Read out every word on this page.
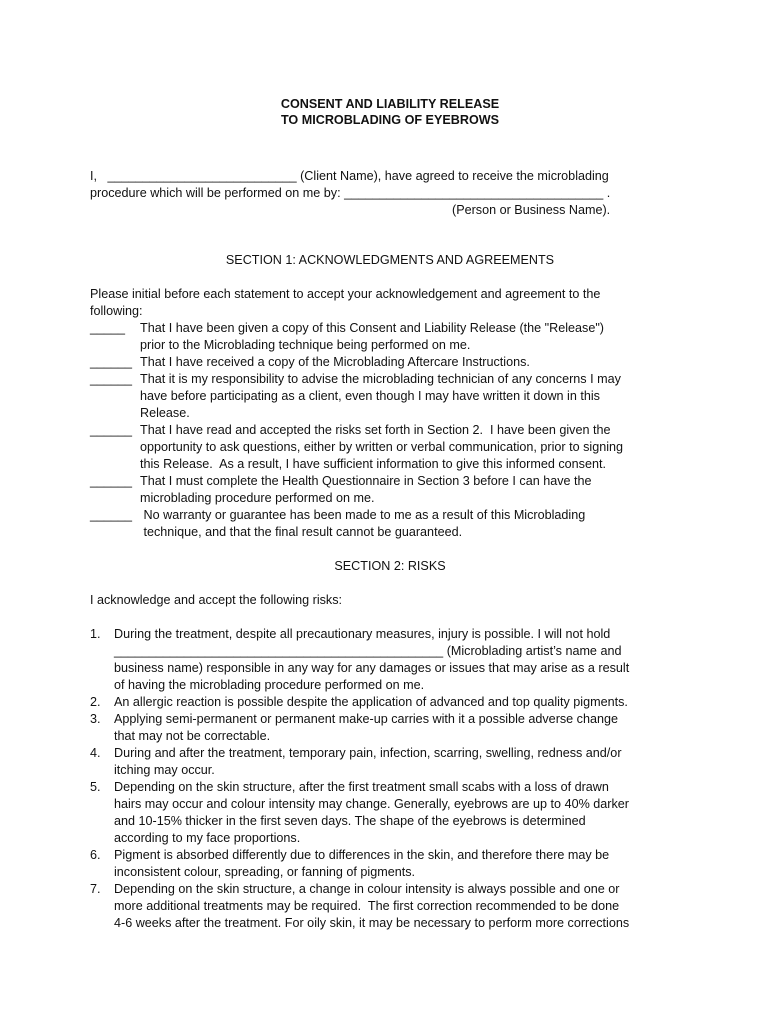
CONSENT AND LIABILITY RELEASE
TO MICROBLADING OF EYEBROWS
I,   ___________________________ (Client Name), have agreed to receive the microblading
procedure which will be performed on me by: _____________________________________ .
(Person or Business Name).
SECTION 1: ACKNOWLEDGMENTS AND AGREEMENTS
Please initial before each statement to accept your acknowledgement and agreement to the
following:
_____ That I have been given a copy of this Consent and Liability Release (the "Release")
prior to the Microblading technique being performed on me.
______ That I have received a copy of the Microblading Aftercare Instructions.
______ That it is my responsibility to advise the microblading technician of any concerns I may
have before participating as a client, even though I may have written it down in this
Release.
______ That I have read and accepted the risks set forth in Section 2.  I have been given the
opportunity to ask questions, either by written or verbal communication, prior to signing
this Release.  As a result, I have sufficient information to give this informed consent.
______ That I must complete the Health Questionnaire in Section 3 before I can have the
microblading procedure performed on me.
______ No warranty or guarantee has been made to me as a result of this Microblading
technique, and that the final result cannot be guaranteed.
SECTION 2: RISKS
I acknowledge and accept the following risks:
1. During the treatment, despite all precautionary measures, injury is possible. I will not hold
_______________________________________________ (Microblading artist’s name and
business name) responsible in any way for any damages or issues that may arise as a result
of having the microblading procedure performed on me.
2. An allergic reaction is possible despite the application of advanced and top quality pigments.
3. Applying semi-permanent or permanent make-up carries with it a possible adverse change
that may not be correctable.
4. During and after the treatment, temporary pain, infection, scarring, swelling, redness and/or
itching may occur.
5. Depending on the skin structure, after the first treatment small scabs with a loss of drawn
hairs may occur and colour intensity may change. Generally, eyebrows are up to 40% darker
and 10-15% thicker in the first seven days. The shape of the eyebrows is determined
according to my face proportions.
6. Pigment is absorbed differently due to differences in the skin, and therefore there may be
inconsistent colour, spreading, or fanning of pigments.
7. Depending on the skin structure, a change in colour intensity is always possible and one or
more additional treatments may be required.  The first correction recommended to be done
4-6 weeks after the treatment. For oily skin, it may be necessary to perform more corrections
